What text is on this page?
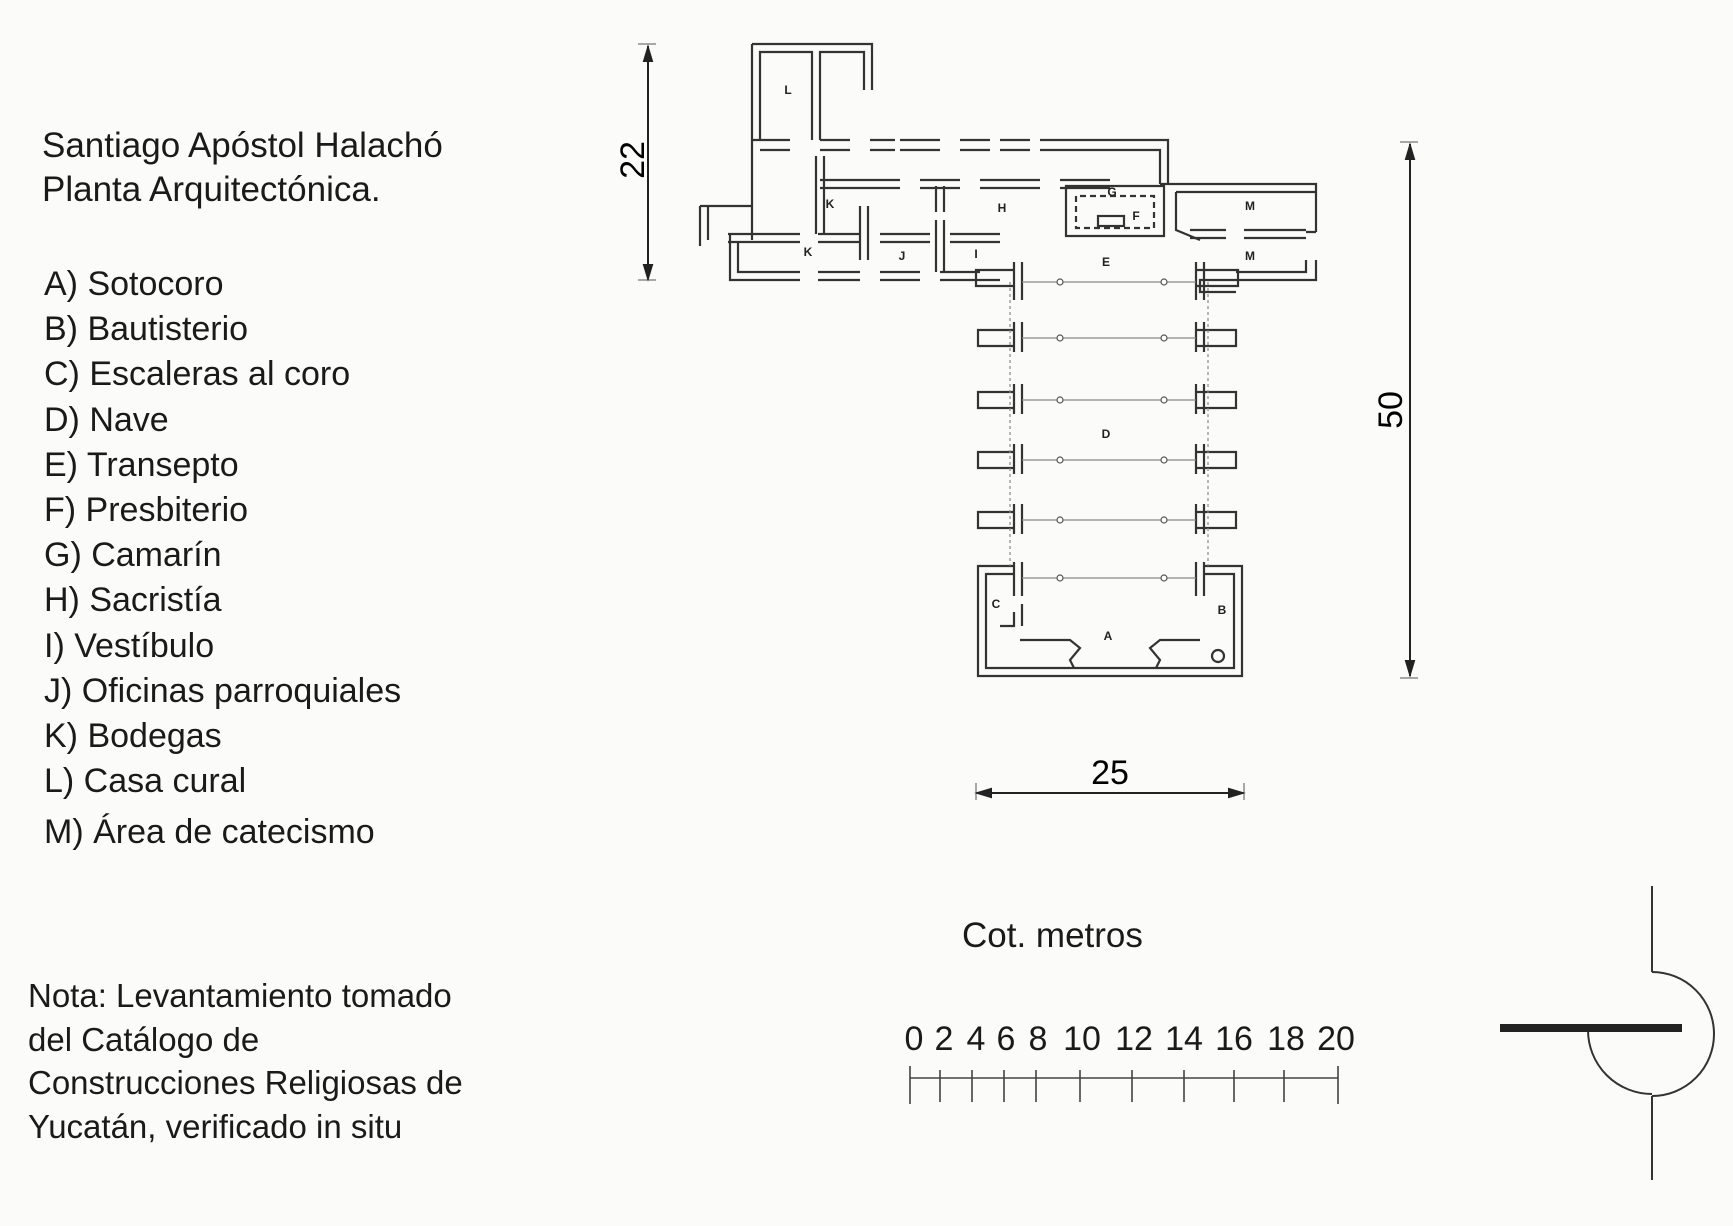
Santiago Apóstol Halachó
Planta Arquitectónica.
A) Sotocoro
B) Bautisterio
C) Escaleras al coro
D) Nave
E) Transepto
F) Presbiterio
G) Camarín
H) Sacristía
I) Vestíbulo
J) Oficinas parroquiales
K) Bodegas
L) Casa cural
M) Área de catecismo
Nota: Levantamiento tomado del Catálogo de Construcciones Religiosas de Yucatán, verificado in situ
Cot. metros
22
50
25
A
B
C
D
E
F
G
H
I
J
K
K
L
M
M
0 2 4 6 8 10 12 14 16 18 20
